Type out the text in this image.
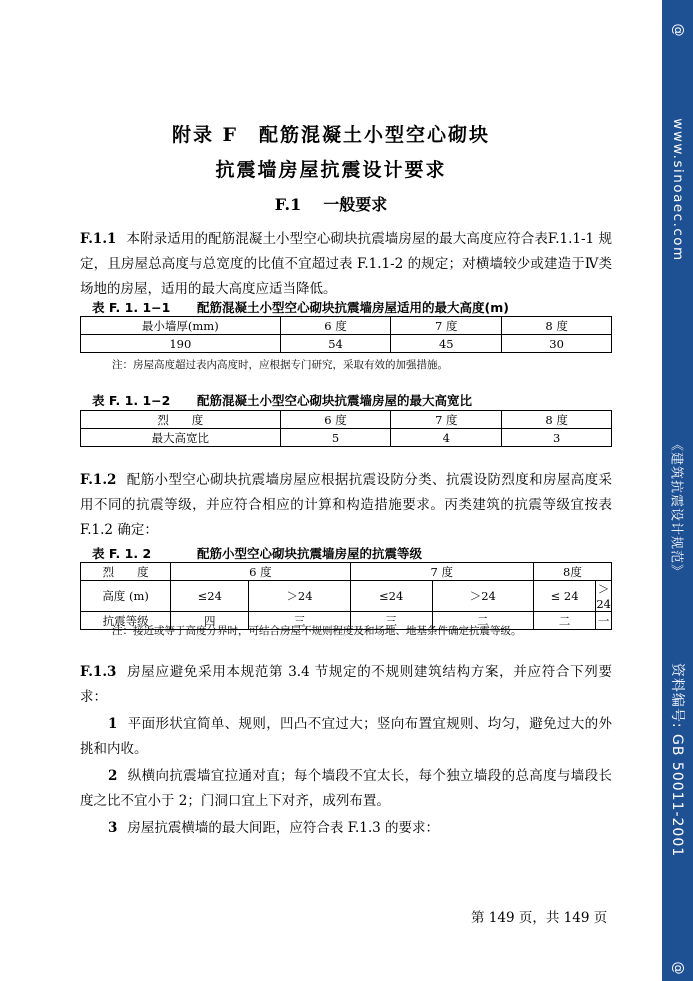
@
www.sinoaec.com
《建筑抗震设计规范》
资料编号: GB 50011-2001
@
附录 F　配筋混凝土小型空心砌块
抗震墙房屋抗震设计要求
F.1 一般要求
F.1.1 本附录适用的配筋混凝土小型空心砌块抗震墙房屋的最大高度应符合表F.1.1-1 规定，且房屋总高度与总宽度的比值不宜超过表 F.1.1-2 的规定；对横墙较少或建造于Ⅳ类场地的房屋，适用的最大高度应适当降低。
表 F. 1. 1−1 配筋混凝土小型空心砌块抗震墙房屋适用的最大高度(m)
最小墙厚(mm)	6 度	7 度	8 度
190	54	45	30
注：房屋高度超过表内高度时，应根据专门研究，采取有效的加强措施。
表 F. 1. 1−2 配筋混凝土小型空心砌块抗震墙房屋的最大高宽比
烈　　度	6 度	7 度	8 度
最大高宽比	5	4	3
F.1.2 配筋小型空心砌块抗震墙房屋应根据抗震设防分类、抗震设防烈度和房屋高度采用不同的抗震等级，并应符合相应的计算和构造措施要求。丙类建筑的抗震等级宜按表 F.1.2 确定：
表 F. 1. 2	配筋小型空心砌块抗震墙房屋的抗震等级
烈　　度	6 度		7 度		8度	
高度 (m)	≤24	＞24	≤24	＞24	≤ 24	＞24
抗震等级	四	三	三	二	二	一
注：接近或等于高度分界时，可结合房屋不规则程度及和场地、地基条件确定抗震等级。
F.1.3 房屋应避免采用本规范第 3.4 节规定的不规则建筑结构方案，并应符合下列要求：
1 平面形状宜简单、规则，凹凸不宜过大；竖向布置宜规则、均匀，避免过大的外挑和内收。
2 纵横向抗震墙宜拉通对直；每个墙段不宜太长，每个独立墙段的总高度与墙段长度之比不宜小于 2；门洞口宜上下对齐，成列布置。
3 房屋抗震横墙的最大间距，应符合表 F.1.3 的要求：
第 149 页，共 149 页
